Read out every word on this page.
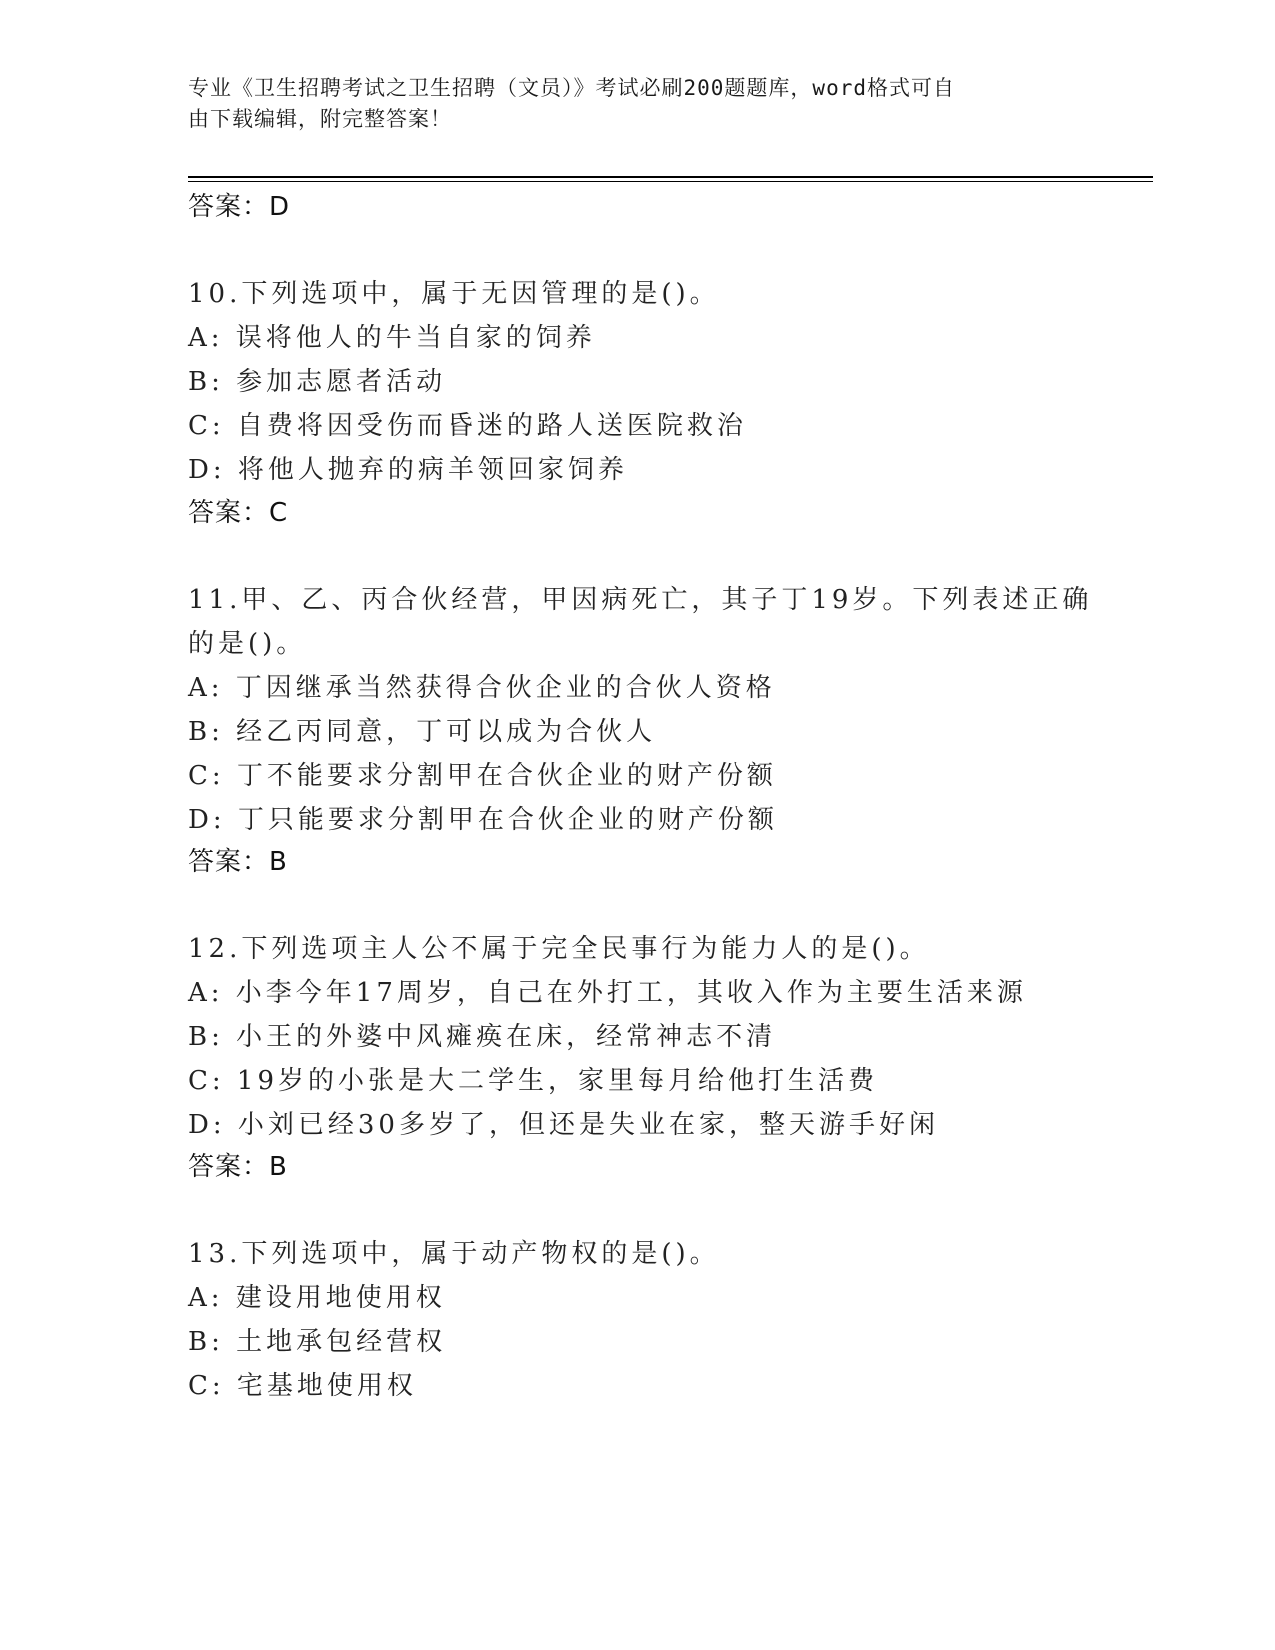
专业《卫生招聘考试之卫生招聘（文员）》考试必刷200题题库，word格式可自
由下载编辑，附完整答案！
答案：D
10.下列选项中，属于无因管理的是()。
A: 误将他人的牛当自家的饲养
B: 参加志愿者活动
C: 自费将因受伤而昏迷的路人送医院救治
D: 将他人抛弃的病羊领回家饲养
答案：C
11.甲、乙、丙合伙经营，甲因病死亡，其子丁19岁。下列表述正确
的是()。
A: 丁因继承当然获得合伙企业的合伙人资格
B: 经乙丙同意，丁可以成为合伙人
C: 丁不能要求分割甲在合伙企业的财产份额
D: 丁只能要求分割甲在合伙企业的财产份额
答案：B
12.下列选项主人公不属于完全民事行为能力人的是()。
A: 小李今年17周岁，自己在外打工，其收入作为主要生活来源
B: 小王的外婆中风瘫痪在床，经常神志不清
C: 19岁的小张是大二学生，家里每月给他打生活费
D: 小刘已经30多岁了，但还是失业在家，整天游手好闲
答案：B
13.下列选项中，属于动产物权的是()。
A: 建设用地使用权
B: 土地承包经营权
C: 宅基地使用权
